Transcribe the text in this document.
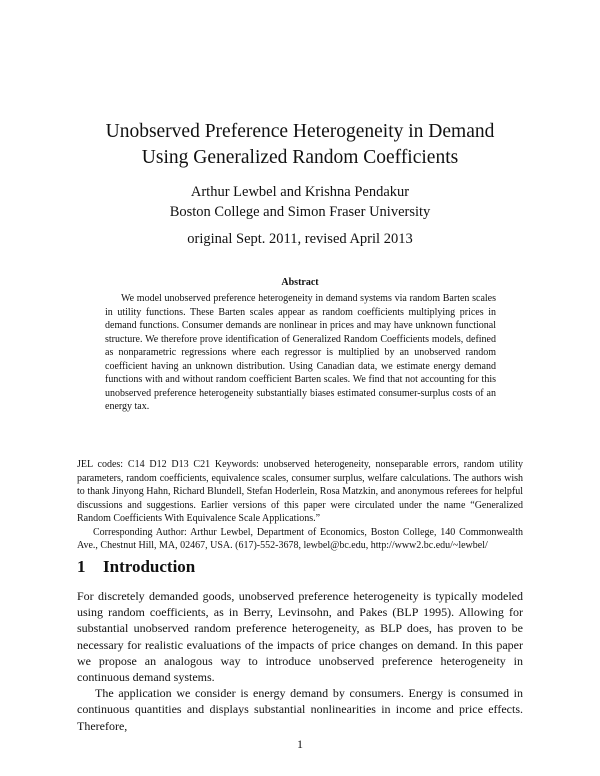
Unobserved Preference Heterogeneity in Demand
Using Generalized Random Coefficients
Arthur Lewbel and Krishna Pendakur
Boston College and Simon Fraser University
original Sept. 2011, revised April 2013
Abstract
We model unobserved preference heterogeneity in demand systems via random Barten scales in utility functions. These Barten scales appear as random coefficients multiplying prices in demand functions. Consumer demands are nonlinear in prices and may have unknown functional structure. We therefore prove identification of Generalized Random Coefficients models, defined as nonparametric regressions where each regressor is multiplied by an unobserved random coefficient having an unknown distribution. Using Canadian data, we estimate energy demand functions with and without random coefficient Barten scales. We find that not accounting for this unobserved preference heterogeneity substantially biases estimated consumer-surplus costs of an energy tax.

JEL codes: C14 D12 D13 C21 Keywords: unobserved heterogeneity, nonseparable errors, random utility parameters, random coefficients, equivalence scales, consumer surplus, welfare calculations. The authors wish to thank Jinyong Hahn, Richard Blundell, Stefan Hoderlein, Rosa Matzkin, and anonymous referees for helpful discussions and suggestions. Earlier versions of this paper were circulated under the name “Generalized Random Coefficients With Equivalence Scale Applications.”

Corresponding Author: Arthur Lewbel, Department of Economics, Boston College, 140 Commonwealth Ave., Chestnut Hill, MA, 02467, USA. (617)-552-3678, lewbel@bc.edu, http://www2.bc.edu/~lewbel/

1 Introduction

For discretely demanded goods, unobserved preference heterogeneity is typically modeled using random coefficients, as in Berry, Levinsohn, and Pakes (BLP 1995). Allowing for substantial unobserved random preference heterogeneity, as BLP does, has proven to be necessary for realistic evaluations of the impacts of price changes on demand. In this paper we propose an analogous way to introduce unobserved preference heterogeneity in continuous demand systems.

The application we consider is energy demand by consumers. Energy is consumed in continuous quantities and displays substantial nonlinearities in income and price effects. Therefore,

1
